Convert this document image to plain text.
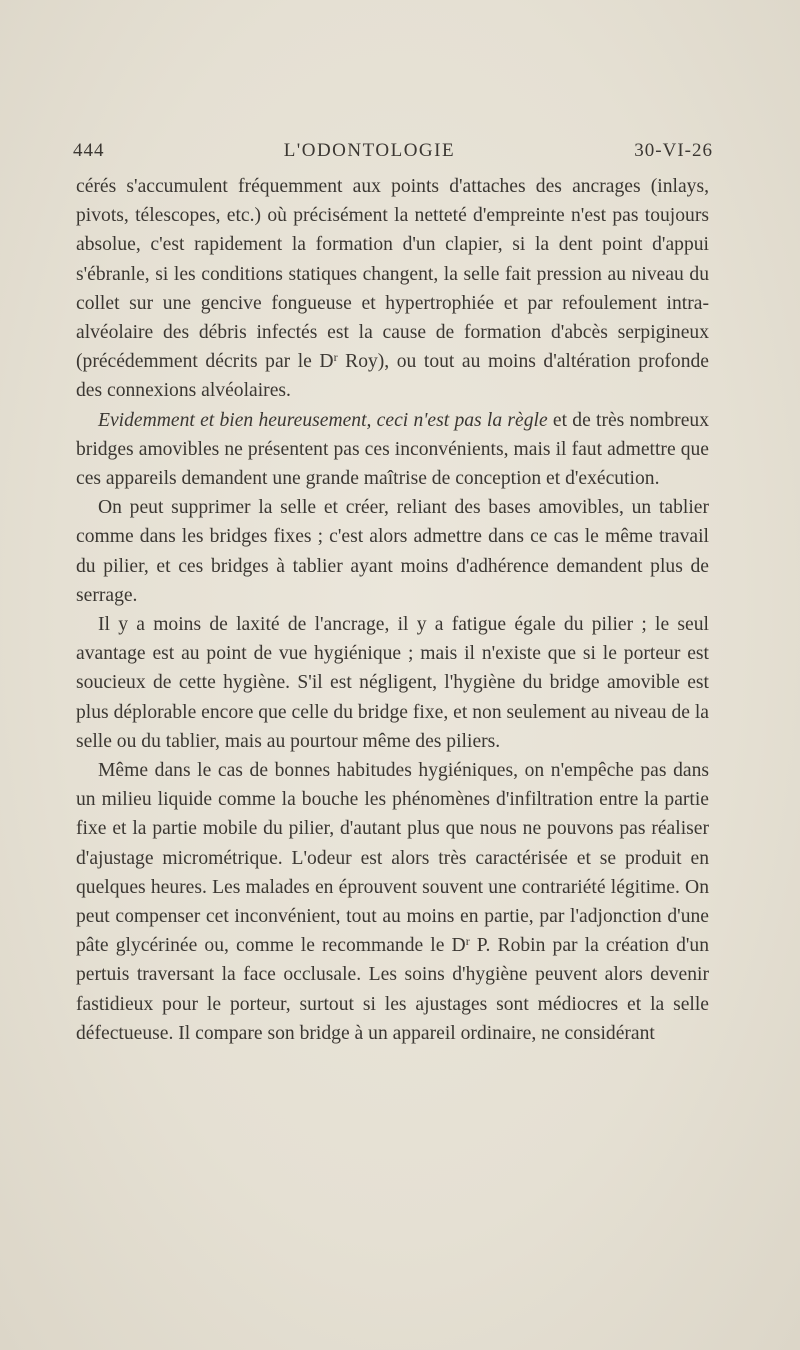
444	L'ODONTOLOGIE	30-VI-26

cérés s'accumulent fréquemment aux points d'attaches des ancrages (inlays, pivots, télescopes, etc.) où précisément la netteté d'empreinte n'est pas toujours absolue, c'est rapidement la formation d'un clapier, si la dent point d'appui s'ébranle, si les conditions statiques changent, la selle fait pression au niveau du collet sur une gencive fongueuse et hypertrophiée et par refoulement intra-alvéolaire des débris infectés est la cause de formation d'abcès serpigineux (précédemment décrits par le $D^r$ Roy), ou tout au moins d'altération profonde des connexions alvéolaires.

Evidemment et bien heureusement, ceci n'est pas la règle et de très nombreux bridges amovibles ne présentent pas ces inconvénients, mais il faut admettre que ces appareils demandent une grande maîtrise de conception et d'exécution.

On peut supprimer la selle et créer, reliant des bases amovibles, un tablier comme dans les bridges fixes ; c'est alors admettre dans ce cas le même travail du pilier, et ces bridges à tablier ayant moins d'adhérence demandent plus de serrage.

Il y a moins de laxité de l'ancrage, il y a fatigue égale du pilier ; le seul avantage est au point de vue hygiénique ; mais il n'existe que si le porteur est soucieux de cette hygiène. S'il est négligent, l'hygiène du bridge amovible est plus déplorable encore que celle du bridge fixe, et non seulement au niveau de la selle ou du tablier, mais au pourtour même des piliers.

Même dans le cas de bonnes habitudes hygiéniques, on n'empêche pas dans un milieu liquide comme la bouche les phénomènes d'infiltration entre la partie fixe et la partie mobile du pilier, d'autant plus que nous ne pouvons pas réaliser d'ajustage micrométrique. L'odeur est alors très caractérisée et se produit en quelques heures. Les malades en éprouvent souvent une contrariété légitime. On peut compenser cet inconvénient, tout au moins en partie, par l'adjonction d'une pâte glycérinée ou, comme le recommande le $D^r$ P. Robin par la création d'un pertuis traversant la face occlusale. Les soins d'hygiène peuvent alors devenir fastidieux pour le porteur, surtout si les ajustages sont médiocres et la selle défectueuse. Il compare son bridge à un appareil ordinaire, ne considérant
